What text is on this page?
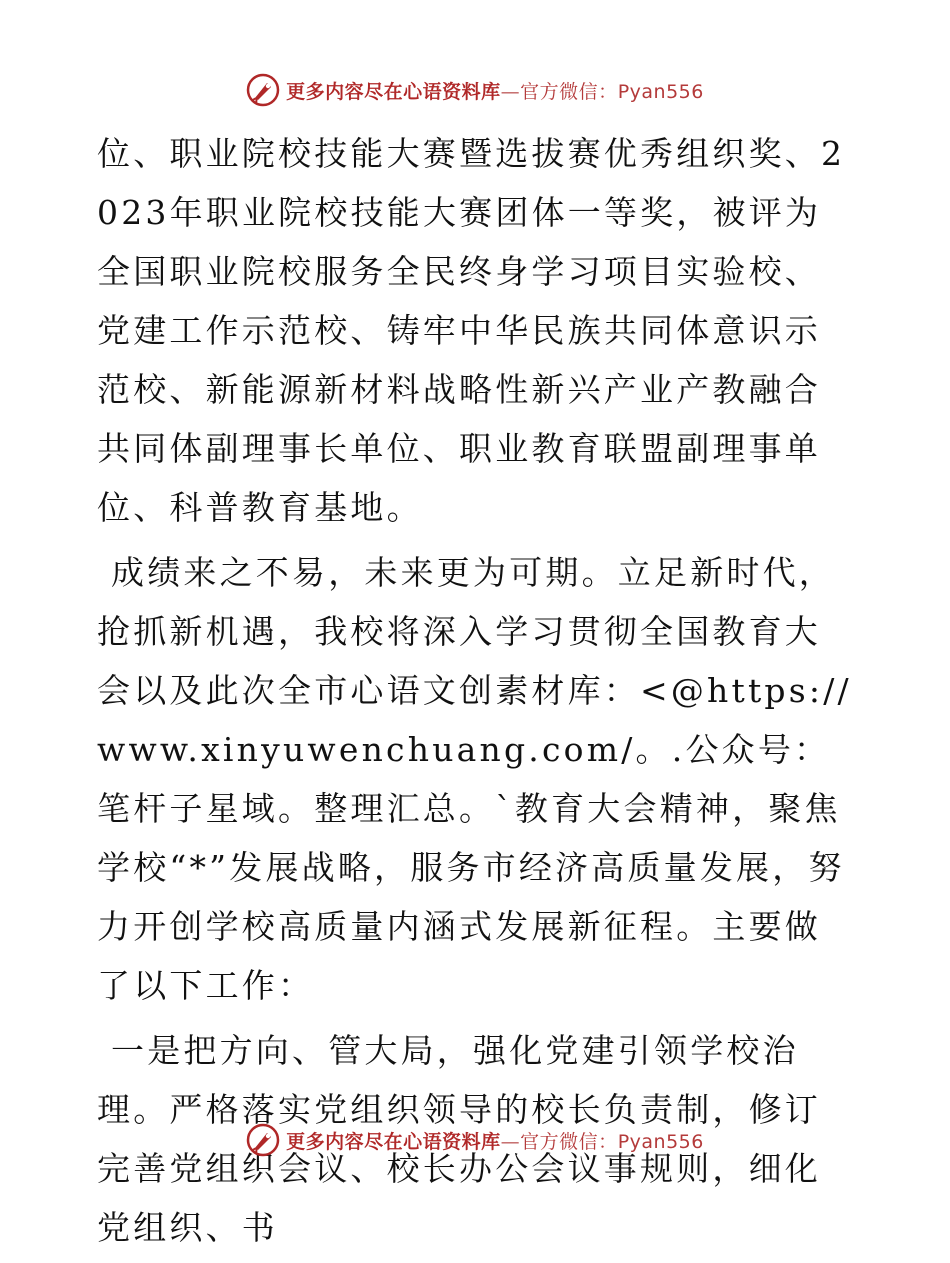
更多内容尽在心语资料库—官方微信：Pyan556

位、职业院校技能大赛暨选拔赛优秀组织奖、2023年职业院校技能大赛团体一等奖，被评为全国职业院校服务全民终身学习项目实验校、党建工作示范校、铸牢中华民族共同体意识示范校、新能源新材料战略性新兴产业产教融合共同体副理事长单位、职业教育联盟副理事单位、科普教育基地。

成绩来之不易，未来更为可期。立足新时代，抢抓新机遇，我校将深入学习贯彻全国教育大会以及此次全市心语文创素材库：<@https://www.xinyuwenchuang.com/。.公众号：笔杆子星域。整理汇总。`教育大会精神，聚焦学校“*”发展战略，服务市经济高质量发展，努力开创学校高质量内涵式发展新征程。主要做了以下工作：

一是把方向、管大局，强化党建引领学校治理。严格落实党组织领导的校长负责制，修订完善党组织会议、校长办公会议事规则，细化党组织、书

更多内容尽在心语资料库—官方微信：Pyan556
